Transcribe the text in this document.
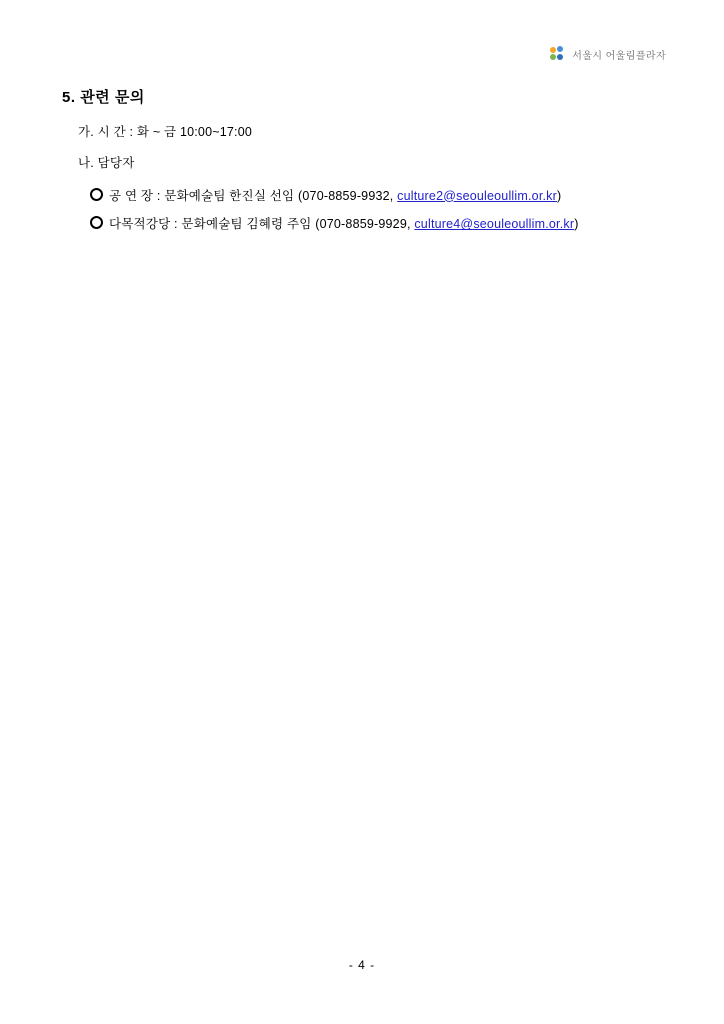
서울시 어울림플라자
5. 관련 문의

가. 시 간 : 화 ~ 금 10:00~17:00

나. 담당자

공 연 장 : 문화예술팀 한진실 선임 (070-8859-9932, culture2@seouleoullim.or.kr)

다목적강당 : 문화예술팀 김혜령 주임 (070-8859-9929, culture4@seouleoullim.or.kr)

- 4 -
